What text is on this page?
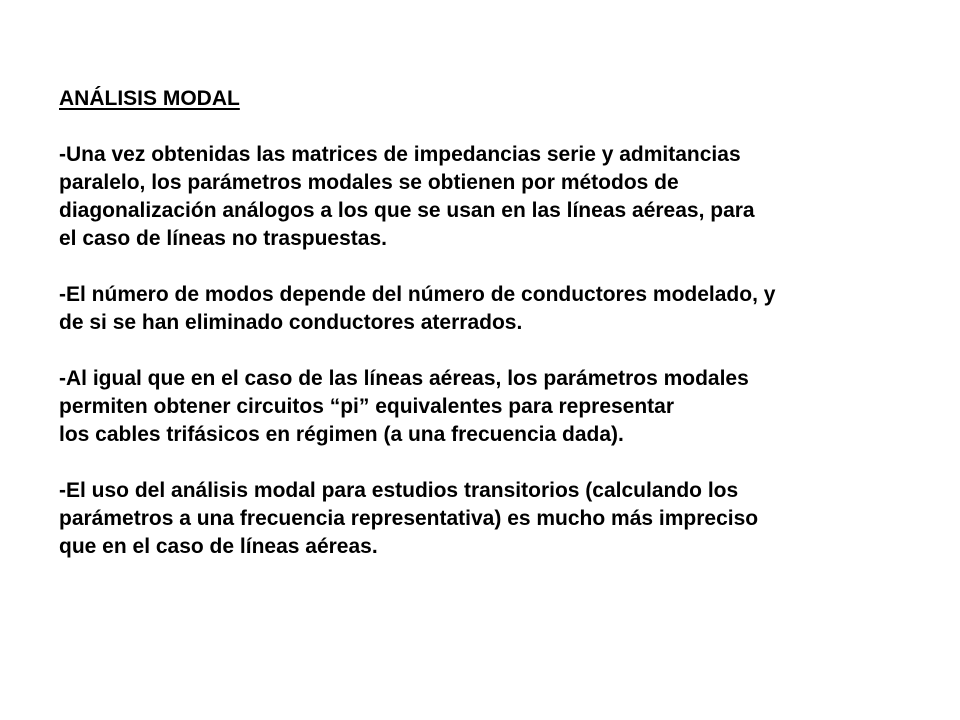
ANÁLISIS MODAL
-Una vez obtenidas las matrices de impedancias serie y admitancias
paralelo, los parámetros modales se obtienen por métodos de
diagonalización análogos a los que se usan en las líneas aéreas, para
el caso de líneas no traspuestas.
-El número de modos depende del número de conductores modelado, y
de si se han eliminado conductores aterrados.
-Al igual que en el caso de las líneas aéreas, los parámetros modales
permiten obtener circuitos “pi” equivalentes para representar
los cables trifásicos en régimen (a una frecuencia dada).
-El uso del análisis modal para estudios transitorios (calculando los
parámetros a una frecuencia representativa) es mucho más impreciso
que en el caso de líneas aéreas.
